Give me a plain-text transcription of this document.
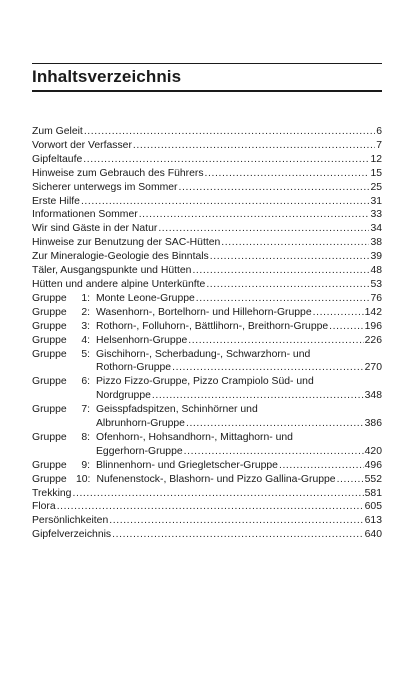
Inhaltsverzeichnis
Zum Geleit .....	6
Vorwort der Verfasser .....	7
Gipfeltaufe .....	12
Hinweise zum Gebrauch des Führers .....	15
Sicherer unterwegs im Sommer .....	25
Erste Hilfe .....	31
Informationen Sommer .....	33
Wir sind Gäste in der Natur .....	34
Hinweise zur Benutzung der SAC-Hütten .....	38
Zur Mineralogie-Geologie des Binntals .....	39
Täler, Ausgangspunkte und Hütten .....	48
Hütten und andere alpine Unterkünfte .....	53
Gruppe	1: Monte Leone-Gruppe .....	76
Gruppe	2: Wasenhorn-, Bortelhorn- und Hillehorn-Gruppe .....	142
Gruppe	3: Rothorn-, Folluhorn-, Bättlihorn-, Breithorn-Gruppe .....	196
Gruppe	4: Helsenhorn-Gruppe .....	226
Gruppe	5: Gischihorn-, Scherbadung-, Schwarzhorn- und
Rothorn-Gruppe .....	270
Gruppe	6: Pizzo Fizzo-Gruppe, Pizzo Crampiolo Süd- und
Nordgruppe .....	348
Gruppe	7: Geisspfadspitzen, Schinhörner und
Albrunhorn-Gruppe .....	386
Gruppe	8: Ofenhorn-, Hohsandhorn-, Mittaghorn- und
Eggerhorn-Gruppe .....	420
Gruppe	9: Blinnenhorn- und Griegletscher-Gruppe .....	496
Gruppe 10: Nufenenstock-, Blashorn- und Pizzo Gallina-Gruppe .....	552
Trekking .....	581
Flora .....	605
Persönlichkeiten .....	613
Gipfelverzeichnis .....	640
